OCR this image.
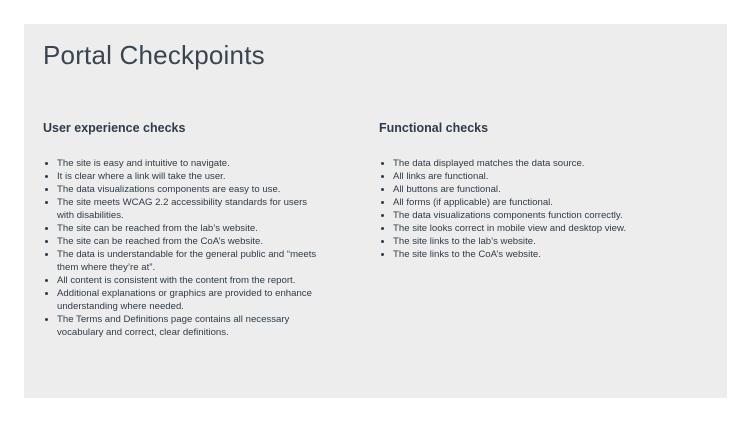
Portal Checkpoints
User experience checks
• The site is easy and intuitive to navigate.
• It is clear where a link will take the user.
• The data visualizations components are easy to use.
• The site meets WCAG 2.2 accessibility standards for users with disabilities.
• The site can be reached from the lab’s website.
• The site can be reached from the CoA’s website.
• The data is understandable for the general public and “meets them where they’re at”.
• All content is consistent with the content from the report.
• Additional explanations or graphics are provided to enhance understanding where needed.
• The Terms and Definitions page contains all necessary vocabulary and correct, clear definitions.
Functional checks
• The data displayed matches the data source.
• All links are functional.
• All buttons are functional.
• All forms (if applicable) are functional.
• The data visualizations components function correctly.
• The site looks correct in mobile view and desktop view.
• The site links to the lab’s website.
• The site links to the CoA’s website.
